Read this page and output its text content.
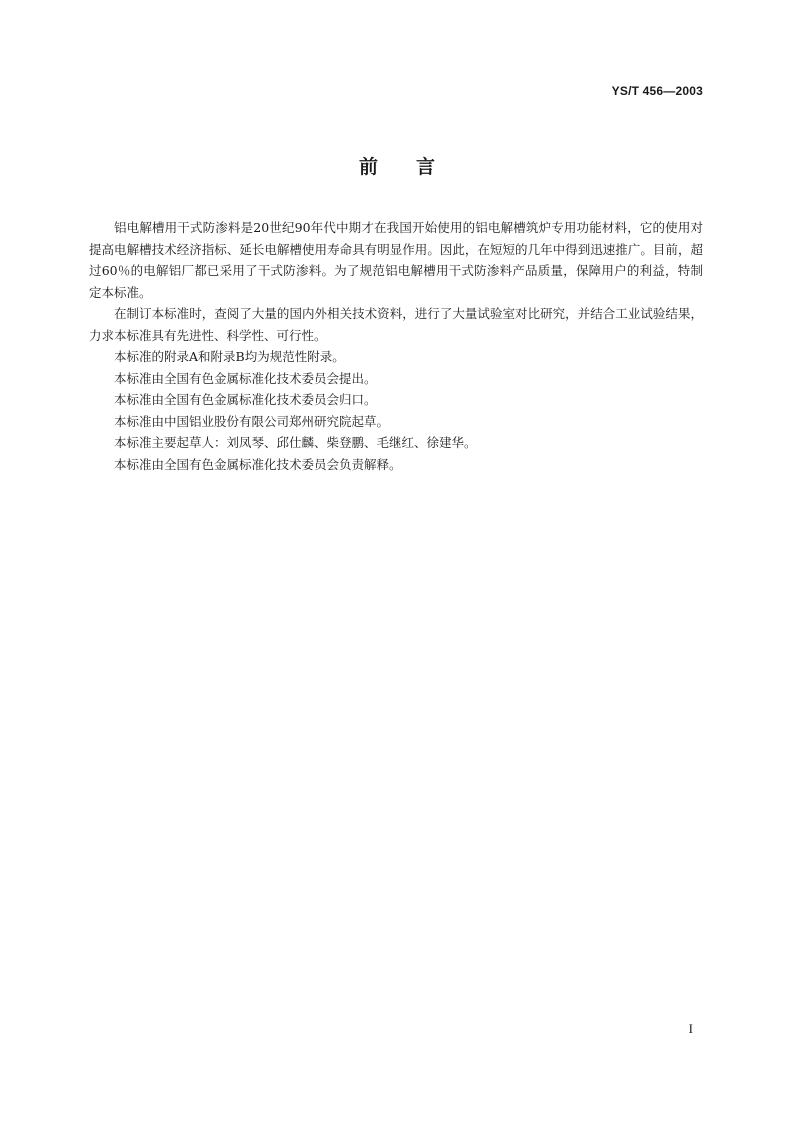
YS/T 456—2003
前言

铝电解槽用干式防渗料是20世纪90年代中期才在我国开始使用的铝电解槽筑炉专用功能材料，它的使用对提高电解槽技术经济指标、延长电解槽使用寿命具有明显作用。因此，在短短的几年中得到迅速推广。目前，超过60％的电解铝厂都已采用了干式防渗料。为了规范铝电解槽用干式防渗料产品质量，保障用户的利益，特制定本标准。

在制订本标准时，查阅了大量的国内外相关技术资料，进行了大量试验室对比研究，并结合工业试验结果，力求本标准具有先进性、科学性、可行性。

本标准的附录A和附录B均为规范性附录。

本标准由全国有色金属标准化技术委员会提出。

本标准由全国有色金属标准化技术委员会归口。

本标准由中国铝业股份有限公司郑州研究院起草。

本标准主要起草人：刘凤琴、邱仕麟、柴登鹏、毛继红、徐建华。

本标准由全国有色金属标准化技术委员会负责解释。

I
